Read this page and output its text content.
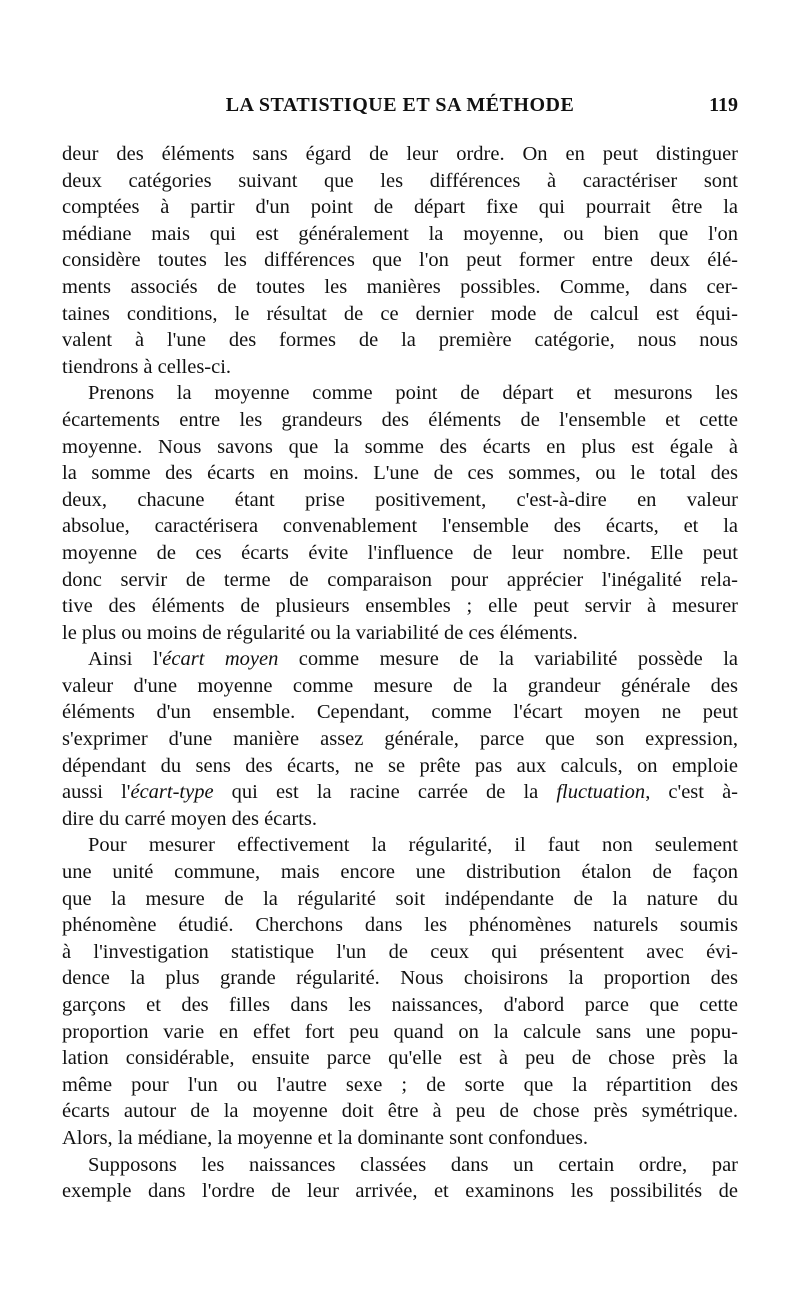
LA STATISTIQUE ET SA MÉTHODE	119
deur des éléments sans égard de leur ordre. On en peut distinguer
deux catégories suivant que les différences à caractériser sont
comptées à partir d'un point de départ fixe qui pourrait être la
médiane mais qui est généralement la moyenne, ou bien que l'on
considère toutes les différences que l'on peut former entre deux élé-
ments associés de toutes les manières possibles. Comme, dans cer-
taines conditions, le résultat de ce dernier mode de calcul est équi-
valent à l'une des formes de la première catégorie, nous nous
tiendrons à celles-ci.
Prenons la moyenne comme point de départ et mesurons les
écartements entre les grandeurs des éléments de l'ensemble et cette
moyenne. Nous savons que la somme des écarts en plus est égale à
la somme des écarts en moins. L'une de ces sommes, ou le total des
deux, chacune étant prise positivement, c'est-à-dire en valeur
absolue, caractérisera convenablement l'ensemble des écarts, et la
moyenne de ces écarts évite l'influence de leur nombre. Elle peut
donc servir de terme de comparaison pour apprécier l'inégalité rela-
tive des éléments de plusieurs ensembles ; elle peut servir à mesurer
le plus ou moins de régularité ou la variabilité de ces éléments.
Ainsi l'écart moyen comme mesure de la variabilité possède la
valeur d'une moyenne comme mesure de la grandeur générale des
éléments d'un ensemble. Cependant, comme l'écart moyen ne peut
s'exprimer d'une manière assez générale, parce que son expression,
dépendant du sens des écarts, ne se prête pas aux calculs, on emploie
aussi l'écart-type qui est la racine carrée de la fluctuation, c'est à-
dire du carré moyen des écarts.
Pour mesurer effectivement la régularité, il faut non seulement
une unité commune, mais encore une distribution étalon de façon
que la mesure de la régularité soit indépendante de la nature du
phénomène étudié. Cherchons dans les phénomènes naturels soumis
à l'investigation statistique l'un de ceux qui présentent avec évi-
dence la plus grande régularité. Nous choisirons la proportion des
garçons et des filles dans les naissances, d'abord parce que cette
proportion varie en effet fort peu quand on la calcule sans une popu-
lation considérable, ensuite parce qu'elle est à peu de chose près la
même pour l'un ou l'autre sexe ; de sorte que la répartition des
écarts autour de la moyenne doit être à peu de chose près symétrique.
Alors, la médiane, la moyenne et la dominante sont confondues.
Supposons les naissances classées dans un certain ordre, par
exemple dans l'ordre de leur arrivée, et examinons les possibilités de
